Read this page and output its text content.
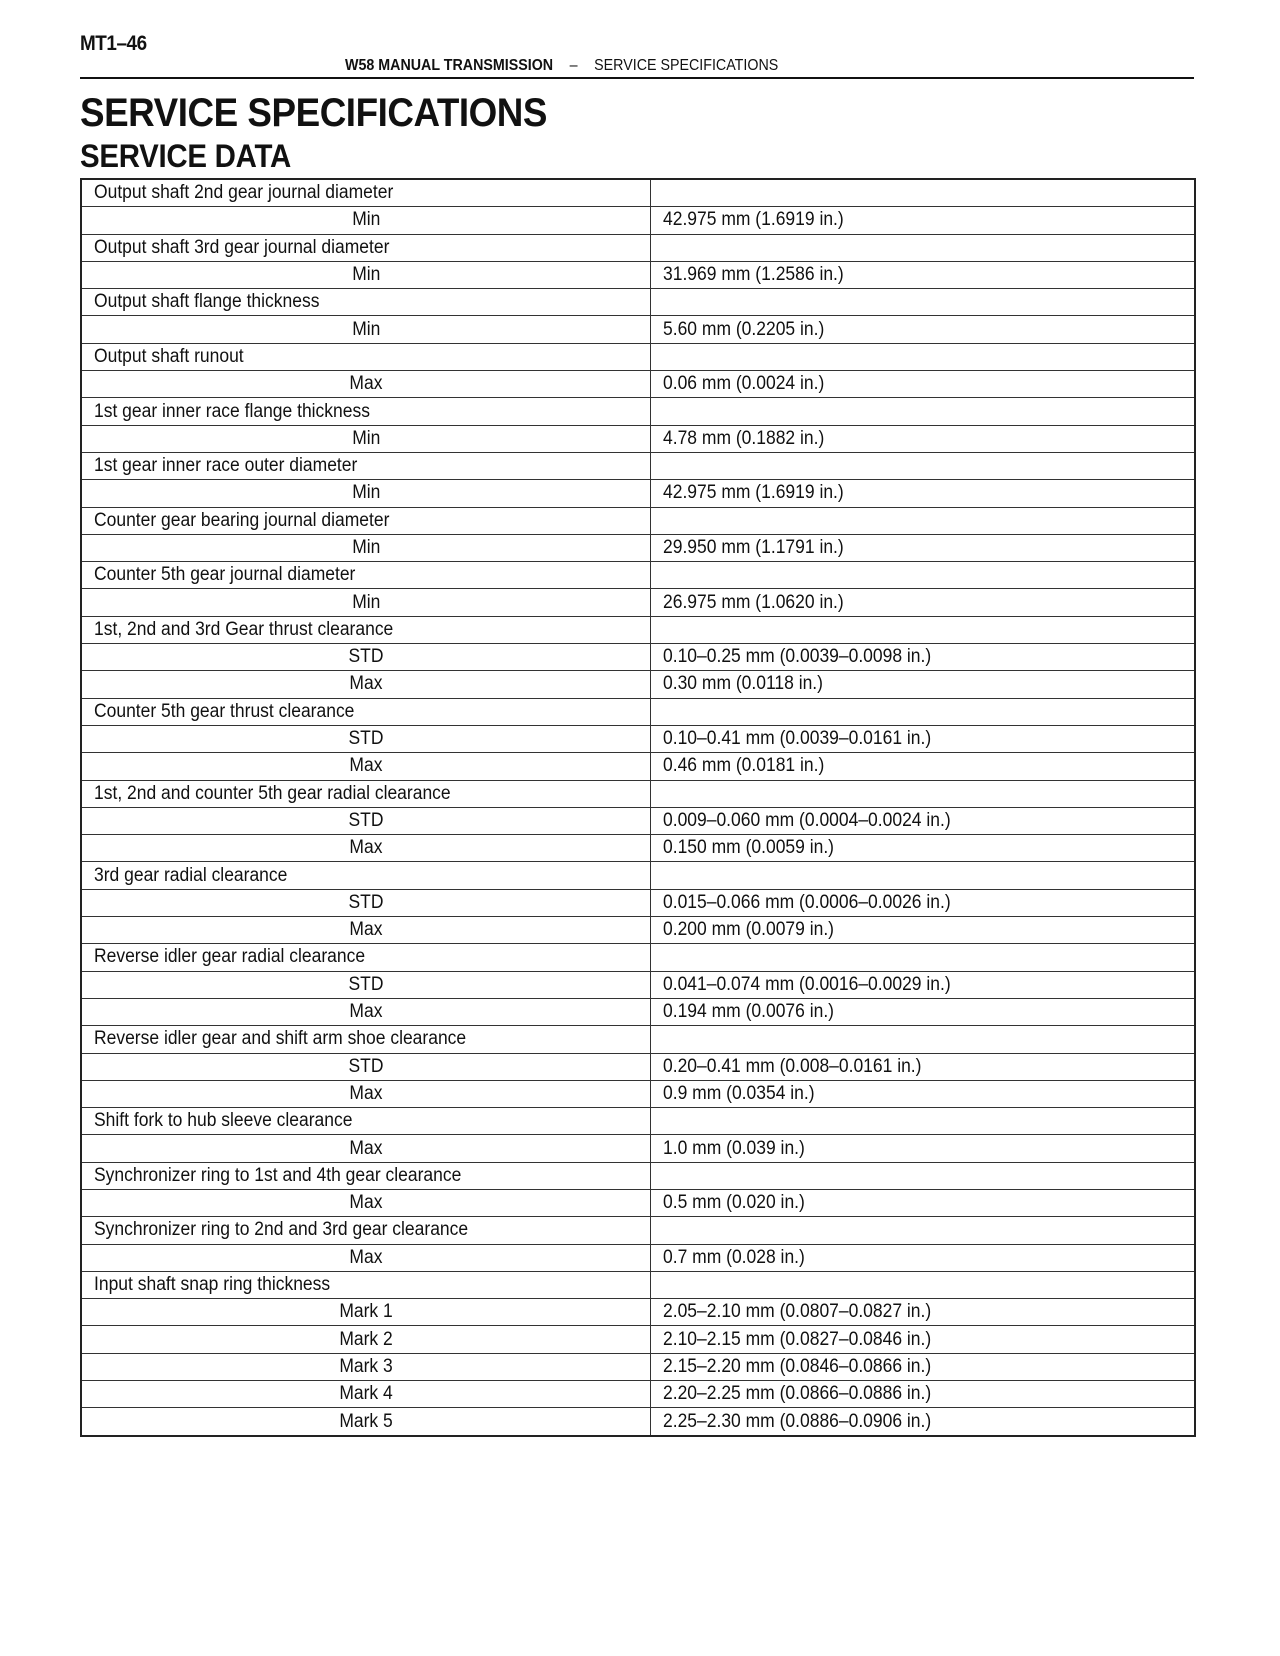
MT1–46
W58 MANUAL TRANSMISSION – SERVICE SPECIFICATIONS
SERVICE SPECIFICATIONS
SERVICE DATA
Output shaft 2nd gear journal diameter	
Min	42.975 mm (1.6919 in.)
Output shaft 3rd gear journal diameter	
Min	31.969 mm (1.2586 in.)
Output shaft flange thickness	
Min	5.60 mm (0.2205 in.)
Output shaft runout	
Max	0.06 mm (0.0024 in.)
1st gear inner race flange thickness	
Min	4.78 mm (0.1882 in.)
1st gear inner race outer diameter	
Min	42.975 mm (1.6919 in.)
Counter gear bearing journal diameter	
Min	29.950 mm (1.1791 in.)
Counter 5th gear journal diameter	
Min	26.975 mm (1.0620 in.)
1st, 2nd and 3rd Gear thrust clearance	
STD	0.10–0.25 mm (0.0039–0.0098 in.)
Max	0.30 mm (0.0118 in.)
Counter 5th gear thrust clearance	
STD	0.10–0.41 mm (0.0039–0.0161 in.)
Max	0.46 mm (0.0181 in.)
1st, 2nd and counter 5th gear radial clearance	
STD	0.009–0.060 mm (0.0004–0.0024 in.)
Max	0.150 mm (0.0059 in.)
3rd gear radial clearance	
STD	0.015–0.066 mm (0.0006–0.0026 in.)
Max	0.200 mm (0.0079 in.)
Reverse idler gear radial clearance	
STD	0.041–0.074 mm (0.0016–0.0029 in.)
Max	0.194 mm (0.0076 in.)
Reverse idler gear and shift arm shoe clearance	
STD	0.20–0.41 mm (0.008–0.0161 in.)
Max	0.9 mm (0.0354 in.)
Shift fork to hub sleeve clearance	
Max	1.0 mm (0.039 in.)
Synchronizer ring to 1st and 4th gear clearance	
Max	0.5 mm (0.020 in.)
Synchronizer ring to 2nd and 3rd gear clearance	
Max	0.7 mm (0.028 in.)
Input shaft snap ring thickness	
Mark 1	2.05–2.10 mm (0.0807–0.0827 in.)
Mark 2	2.10–2.15 mm (0.0827–0.0846 in.)
Mark 3	2.15–2.20 mm (0.0846–0.0866 in.)
Mark 4	2.20–2.25 mm (0.0866–0.0886 in.)
Mark 5	2.25–2.30 mm (0.0886–0.0906 in.)
